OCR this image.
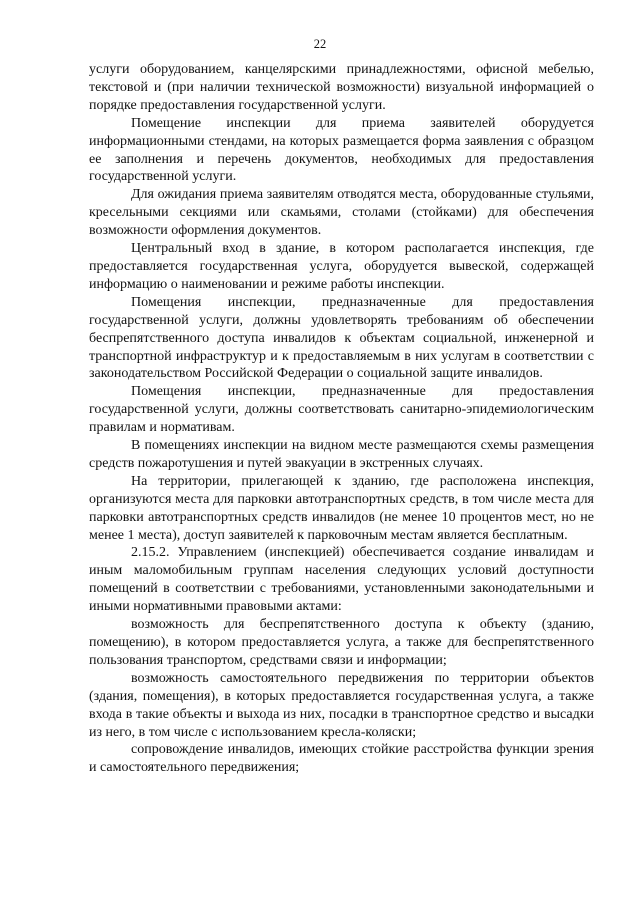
22

услуги оборудованием, канцелярскими принадлежностями, офисной мебелью, текстовой и (при наличии технической возможности) визуальной информацией о порядке предоставления государственной услуги.

Помещение инспекции для приема заявителей оборудуется информационными стендами, на которых размещается форма заявления с образцом ее заполнения и перечень документов, необходимых для предоставления государственной услуги.

Для ожидания приема заявителям отводятся места, оборудованные стульями, кресельными секциями или скамьями, столами (стойками) для обеспечения возможности оформления документов.

Центральный вход в здание, в котором располагается инспекция, где предоставляется государственная услуга, оборудуется вывеской, содержащей информацию о наименовании и режиме работы инспекции.

Помещения инспекции, предназначенные для предоставления государственной услуги, должны удовлетворять требованиям об обеспечении беспрепятственного доступа инвалидов к объектам социальной, инженерной и транспортной инфраструктур и к предоставляемым в них услугам в соответствии с законодательством Российской Федерации о социальной защите инвалидов.

Помещения инспекции, предназначенные для предоставления государственной услуги, должны соответствовать санитарно-эпидемиологическим правилам и нормативам.

В помещениях инспекции на видном месте размещаются схемы размещения средств пожаротушения и путей эвакуации в экстренных случаях.

На территории, прилегающей к зданию, где расположена инспекция, организуются места для парковки автотранспортных средств, в том числе места для парковки автотранспортных средств инвалидов (не менее 10 процентов мест, но не менее 1 места), доступ заявителей к парковочным местам является бесплатным.

2.15.2. Управлением (инспекцией) обеспечивается создание инвалидам и иным маломобильным группам населения следующих условий доступности помещений в соответствии с требованиями, установленными законодательными и иными нормативными правовыми актами:

возможность для беспрепятственного доступа к объекту (зданию, помещению), в котором предоставляется услуга, а также для беспрепятственного пользования транспортом, средствами связи и информации;

возможность самостоятельного передвижения по территории объектов (здания, помещения), в которых предоставляется государственная услуга, а также входа в такие объекты и выхода из них, посадки в транспортное средство и высадки из него, в том числе с использованием кресла-коляски;

сопровождение инвалидов, имеющих стойкие расстройства функции зрения и самостоятельного передвижения;
